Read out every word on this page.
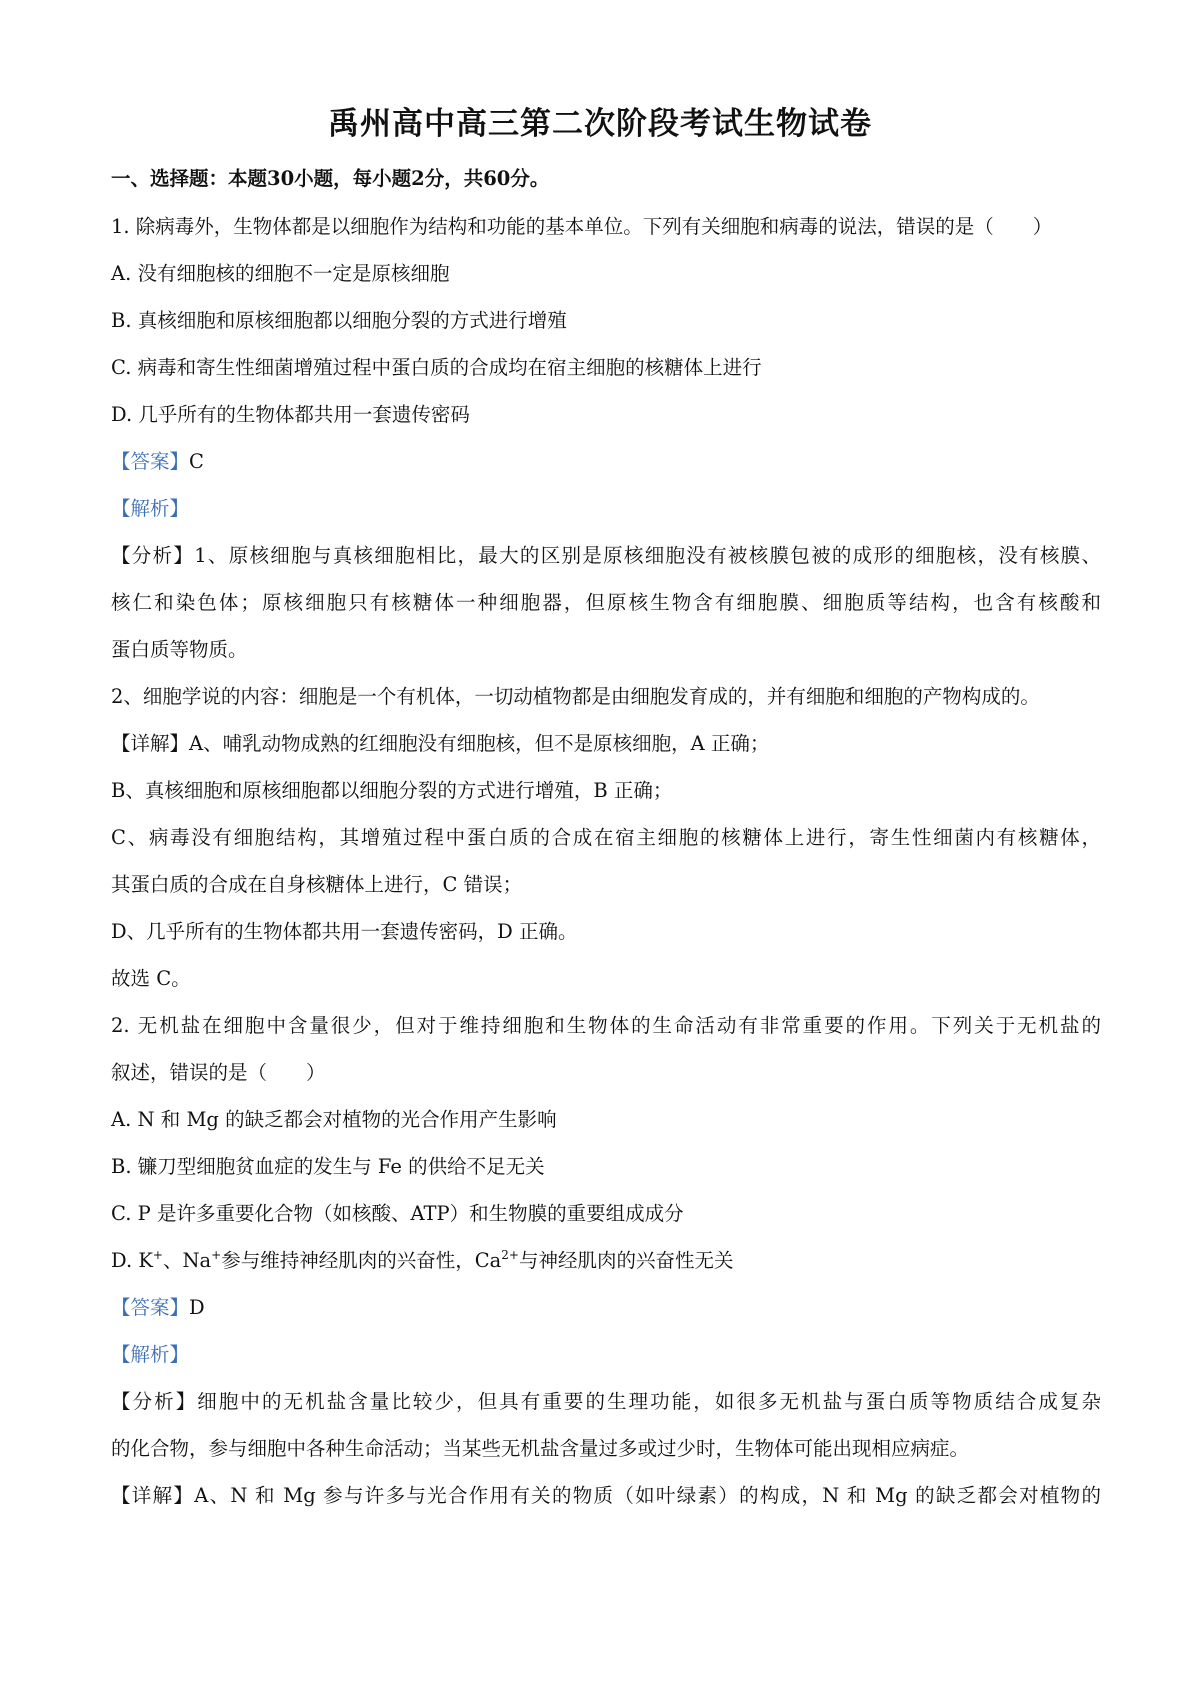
禹州高中高三第二次阶段考试生物试卷
一、选择题：本题30小题，每小题2分，共60分。
1. 除病毒外，生物体都是以细胞作为结构和功能的基本单位。下列有关细胞和病毒的说法，错误的是（　　）
A. 没有细胞核的细胞不一定是原核细胞
B. 真核细胞和原核细胞都以细胞分裂的方式进行增殖
C. 病毒和寄生性细菌增殖过程中蛋白质的合成均在宿主细胞的核糖体上进行
D. 几乎所有的生物体都共用一套遗传密码
【答案】C
【解析】
【分析】1、原核细胞与真核细胞相比，最大的区别是原核细胞没有被核膜包被的成形的细胞核，没有核膜、
核仁和染色体；原核细胞只有核糖体一种细胞器，但原核生物含有细胞膜、细胞质等结构，也含有核酸和
蛋白质等物质。
2、细胞学说的内容：细胞是一个有机体，一切动植物都是由细胞发育成的，并有细胞和细胞的产物构成的。
【详解】A、哺乳动物成熟的红细胞没有细胞核，但不是原核细胞，A 正确；
B、真核细胞和原核细胞都以细胞分裂的方式进行增殖，B 正确；
C、病毒没有细胞结构，其增殖过程中蛋白质的合成在宿主细胞的核糖体上进行，寄生性细菌内有核糖体，
其蛋白质的合成在自身核糖体上进行，C 错误；
D、几乎所有的生物体都共用一套遗传密码，D 正确。
故选 C。
2. 无机盐在细胞中含量很少，但对于维持细胞和生物体的生命活动有非常重要的作用。下列关于无机盐的
叙述，错误的是（　　）
A. N 和 Mg 的缺乏都会对植物的光合作用产生影响
B. 镰刀型细胞贫血症的发生与 Fe 的供给不足无关
C. P 是许多重要化合物（如核酸、ATP）和生物膜的重要组成成分
D. K+、Na+参与维持神经肌肉的兴奋性，$Ca^{2+}$与神经肌肉的兴奋性无关
【答案】D
【解析】
【分析】细胞中的无机盐含量比较少，但具有重要的生理功能，如很多无机盐与蛋白质等物质结合成复杂
的化合物，参与细胞中各种生命活动；当某些无机盐含量过多或过少时，生物体可能出现相应病症。
【详解】A、N 和 Mg 参与许多与光合作用有关的物质（如叶绿素）的构成，N 和 Mg 的缺乏都会对植物的
